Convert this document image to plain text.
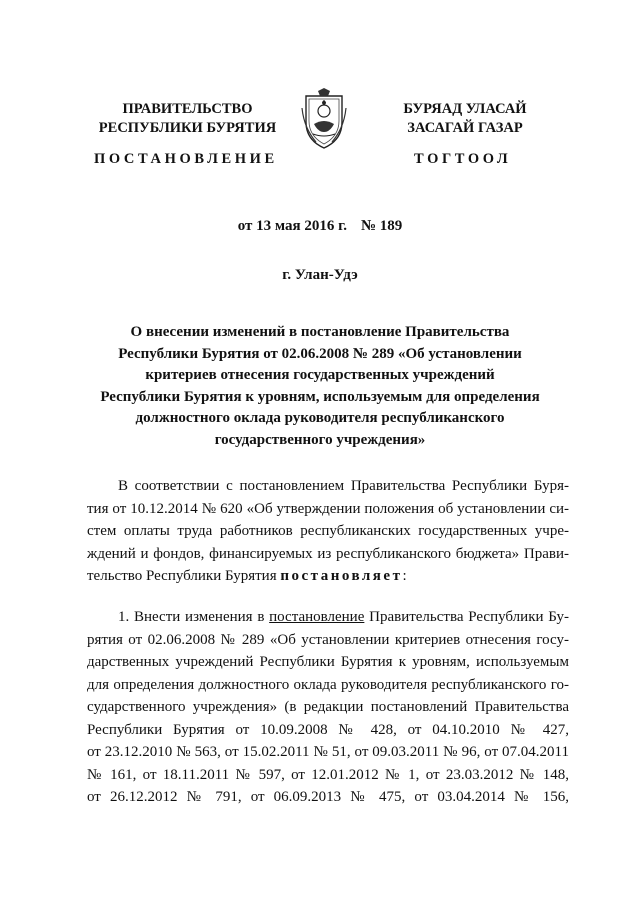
ПРАВИТЕЛЬСТВО
РЕСПУБЛИКИ БУРЯТИЯ
ПОСТАНОВЛЕНИЕ
БУРЯАД УЛАСАЙ
ЗАСАГАЙ ГАЗАР
ТОГТООЛ
от 13 мая 2016 г. № 189
г. Улан-Удэ
О внесении изменений в постановление Правительства
Республики Бурятия от 02.06.2008 № 289 «Об установлении
критериев отнесения государственных учреждений
Республики Бурятия к уровням, используемым для определения
должностного оклада руководителя республиканского
государственного учреждения»
В соответствии с постановлением Правительства Республики Буря-
тия от 10.12.2014 № 620 «Об утверждении положения об установлении си-
стем оплаты труда работников республиканских государственных учре-
ждений и фондов, финансируемых из республиканского бюджета» Прави-
тельство Республики Бурятия постановляет:
1. Внести изменения в постановление Правительства Республики Бу-
рятия от 02.06.2008 № 289 «Об установлении критериев отнесения госу-
дарственных учреждений Республики Бурятия к уровням, используемым
для определения должностного оклада руководителя республиканского го-
сударственного учреждения» (в редакции постановлений Правительства
Республики Бурятия от 10.09.2008 № 428, от 04.10.2010 № 427,
от 23.12.2010 № 563, от 15.02.2011 № 51, от 09.03.2011 № 96, от 07.04.2011
№ 161, от 18.11.2011 № 597, от 12.01.2012 № 1, от 23.03.2012 № 148,
от 26.12.2012 № 791, от 06.09.2013 № 475, от 03.04.2014 № 156,
